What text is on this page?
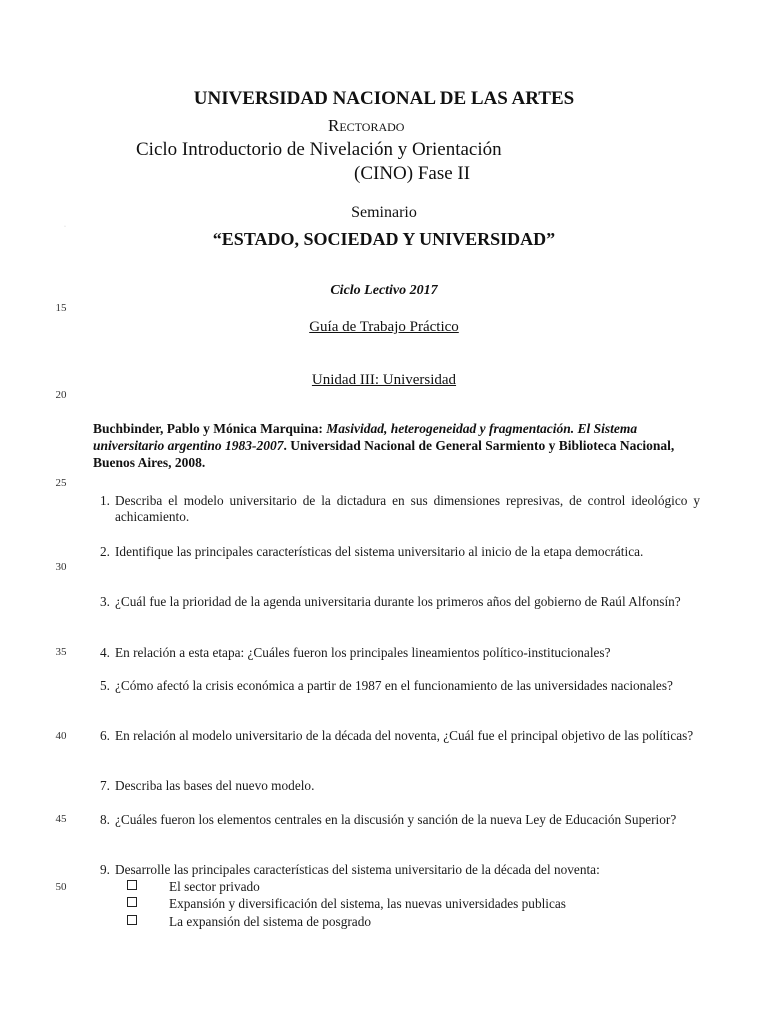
UNIVERSIDAD NACIONAL DE LAS ARTES
Rectorado
Ciclo Introductorio de Nivelación y Orientación
(CINO) Fase II
Seminario
“ESTADO, SOCIEDAD Y UNIVERSIDAD”
Ciclo Lectivo 2017
Guía de Trabajo Práctico
Unidad III: Universidad
·
15
20
25
30
35
40
45
50
Buchbinder, Pablo y Mónica Marquina: Masividad, heterogeneidad y fragmentación. El Sistema universitario argentino 1983-2007. Universidad Nacional de General Sarmiento y Biblioteca Nacional, Buenos Aires, 2008.
1. Describa el modelo universitario de la dictadura en sus dimensiones represivas, de control ideológico y achicamiento.
2. Identifique las principales características del sistema universitario al inicio de la etapa democrática.
3. ¿Cuál fue la prioridad de la agenda universitaria durante los primeros años del gobierno de Raúl Alfonsín?
4. En relación a esta etapa: ¿Cuáles fueron los principales lineamientos político-institucionales?
5. ¿Cómo afectó la crisis económica a partir de 1987 en el funcionamiento de las universidades nacionales?
6. En relación al modelo universitario de la década del noventa, ¿Cuál fue el principal objetivo de las políticas?
7. Describa las bases del nuevo modelo.
8. ¿Cuáles fueron los elementos centrales en la discusión y sanción de la nueva Ley de Educación Superior?
9. Desarrolle las principales características del sistema universitario de la década del noventa:
El sector privado
Expansión y diversificación del sistema, las nuevas universidades publicas
La expansión del sistema de posgrado
